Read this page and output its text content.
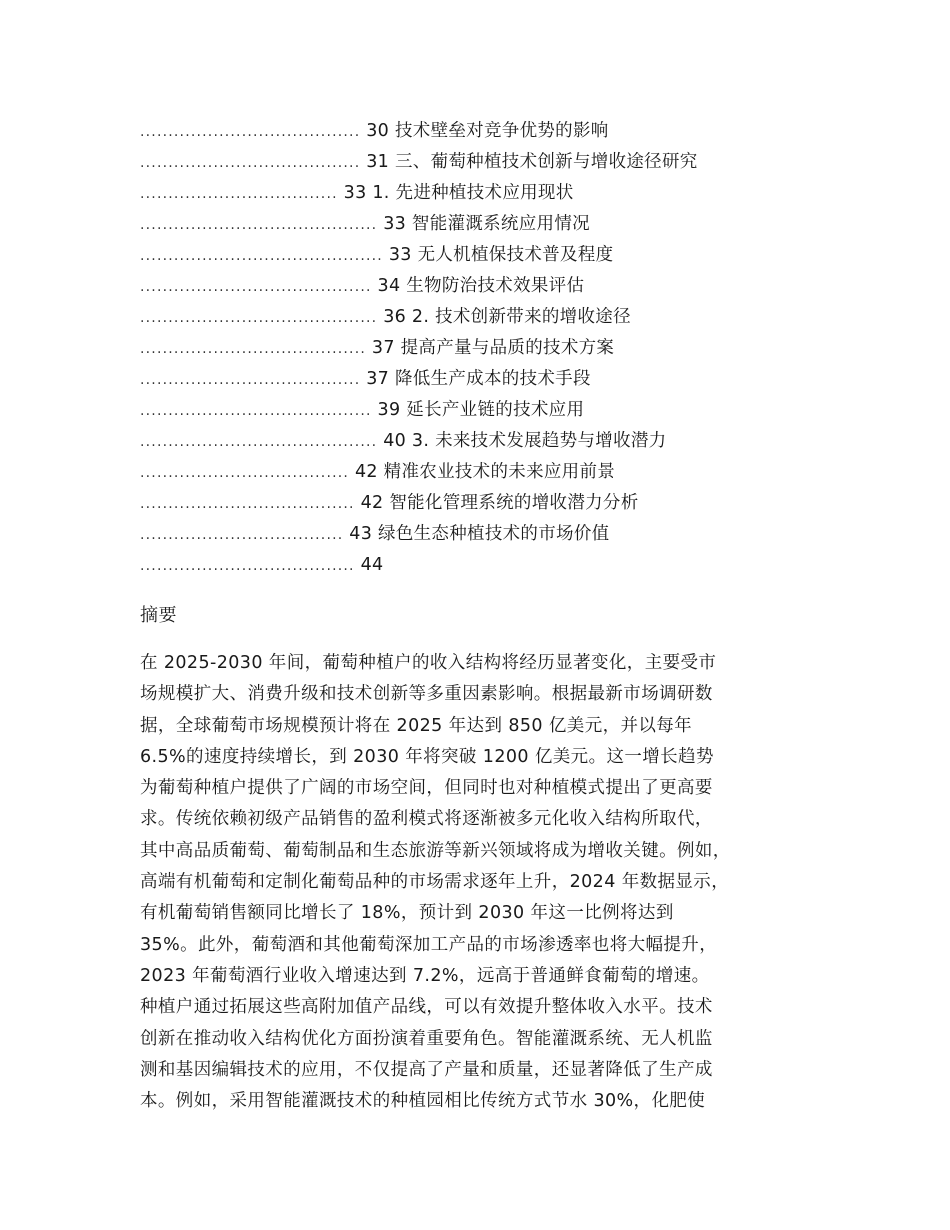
....................................... 30 技术壁垒对竞争优势的影响
....................................... 31 三、葡萄种植技术创新与增收途径研究
................................... 33 1. 先进种植技术应用现状
.......................................... 33 智能灌溉系统应用情况
........................................... 33 无人机植保技术普及程度
......................................... 34 生物防治技术效果评估
.......................................... 36 2. 技术创新带来的增收途径
........................................ 37 提高产量与品质的技术方案
....................................... 37 降低生产成本的技术手段
......................................... 39 延长产业链的技术应用
.......................................... 40 3. 未来技术发展趋势与增收潜力
..................................... 42 精准农业技术的未来应用前景
...................................... 42 智能化管理系统的增收潜力分析
.................................... 43 绿色生态种植技术的市场价值
...................................... 44
摘要
在 2025-2030 年间，葡萄种植户的收入结构将经历显著变化，主要受市
场规模扩大、消费升级和技术创新等多重因素影响。根据最新市场调研数
据，全球葡萄市场规模预计将在 2025 年达到 850 亿美元，并以每年
6.5%的速度持续增长，到 2030 年将突破 1200 亿美元。这一增长趋势
为葡萄种植户提供了广阔的市场空间，但同时也对种植模式提出了更高要
求。传统依赖初级产品销售的盈利模式将逐渐被多元化收入结构所取代，
其中高品质葡萄、葡萄制品和生态旅游等新兴领域将成为增收关键。例如，
高端有机葡萄和定制化葡萄品种的市场需求逐年上升，2024 年数据显示，
有机葡萄销售额同比增长了 18%，预计到 2030 年这一比例将达到
35%。此外，葡萄酒和其他葡萄深加工产品的市场渗透率也将大幅提升，
2023 年葡萄酒行业收入增速达到 7.2%，远高于普通鲜食葡萄的增速。
种植户通过拓展这些高附加值产品线，可以有效提升整体收入水平。技术
创新在推动收入结构优化方面扮演着重要角色。智能灌溉系统、无人机监
测和基因编辑技术的应用，不仅提高了产量和质量，还显著降低了生产成
本。例如，采用智能灌溉技术的种植园相比传统方式节水 30%，化肥使
